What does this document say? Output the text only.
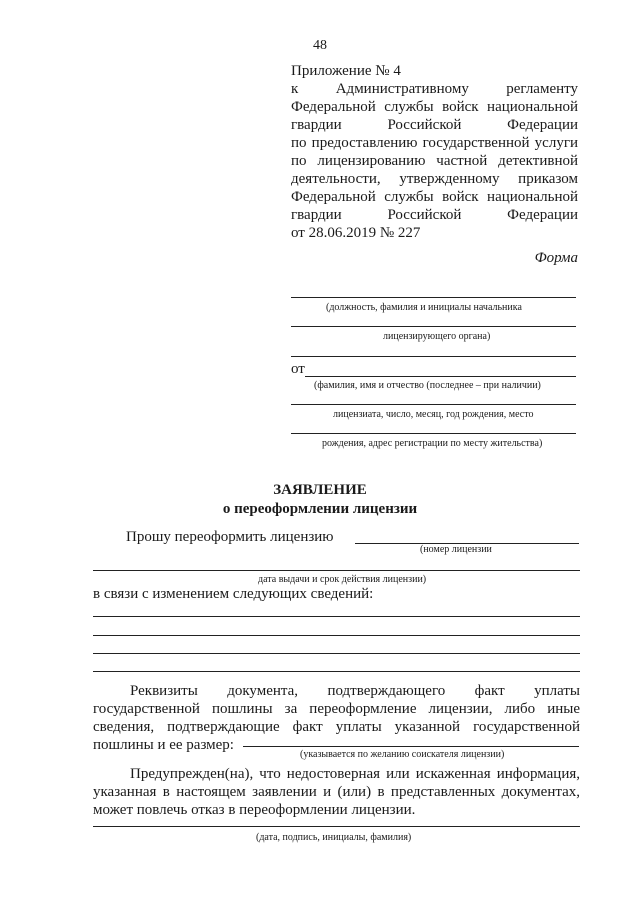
48
Приложение № 4
к Административному регламенту
Федеральной службы войск национальной
гвардии Российской Федерации
по предоставлению государственной услуги
по лицензированию частной детективной
деятельности, утвержденному приказом
Федеральной службы войск национальной
гвардии Российской Федерации
от 28.06.2019 № 227
Форма
(должность, фамилия и инициалы начальника
лицензирующего органа)
от
(фамилия, имя и отчество (последнее – при наличии)
лицензиата, число, месяц, год рождения, место
рождения, адрес регистрации по месту жительства)
ЗАЯВЛЕНИЕ
о переоформлении лицензии
Прошу переоформить лицензию
(номер лицензии
дата выдачи и срок действия лицензии)
в связи с изменением следующих сведений:
Реквизиты документа, подтверждающего факт уплаты
государственной пошлины за переоформление лицензии, либо иные
сведения, подтверждающие факт уплаты указанной государственной
пошлины и ее размер:
(указывается по желанию соискателя лицензии)
Предупрежден(на), что недостоверная или искаженная информация,
указанная в настоящем заявлении и (или) в представленных документах,
может повлечь отказ в переоформлении лицензии.
(дата, подпись, инициалы, фамилия)
